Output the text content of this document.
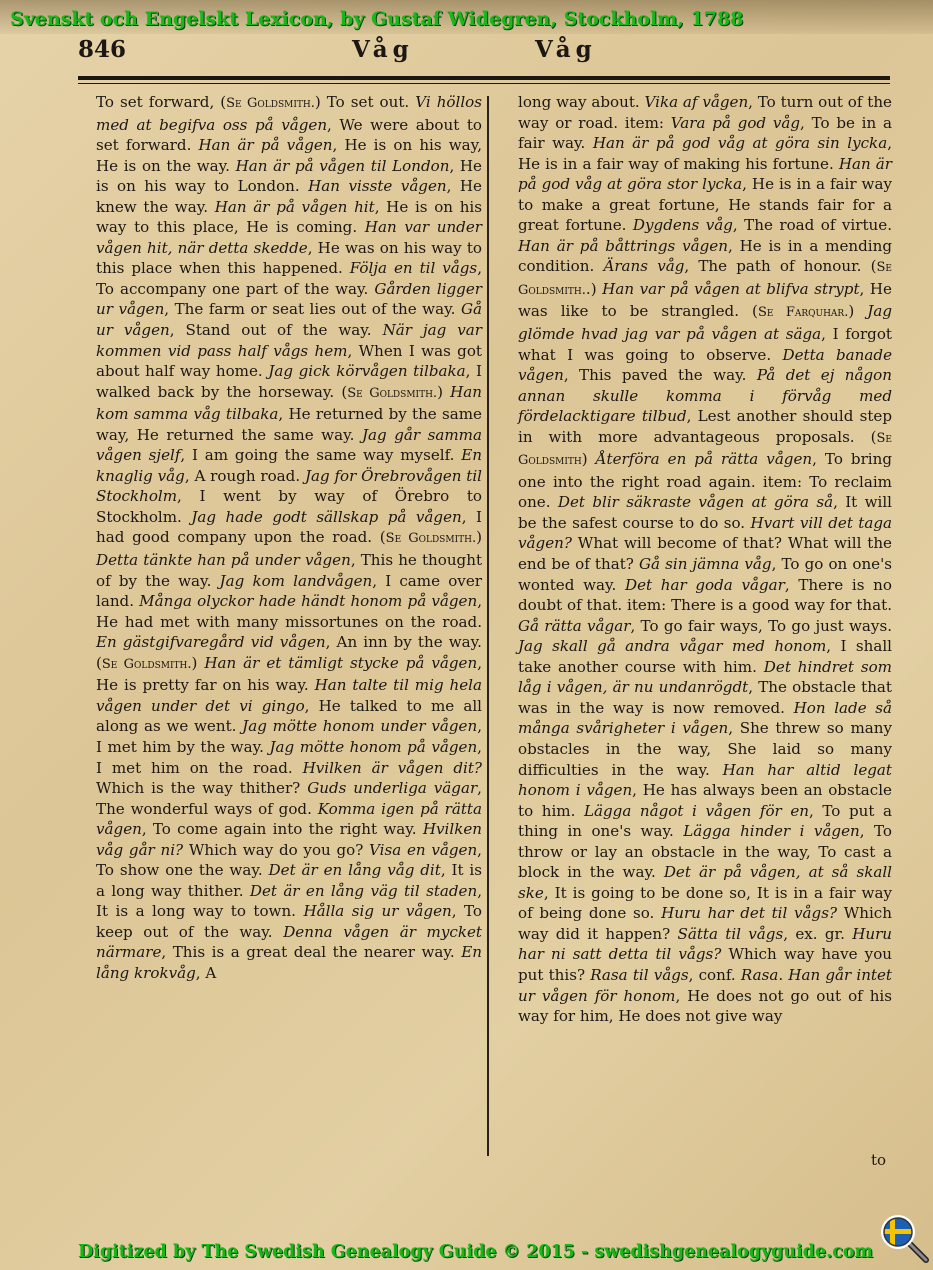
Svenskt och Engelskt Lexicon, by Gustaf Widegren, Stockholm, 1788
846	Våg	Våg

To set forward, (Se Goldsmith.) To set out. Vi höllos med at begifva oss på vågen, We were about to set forward. Han är på vågen, He is on his way, He is on the way. Han är på vågen til London, He is on his way to London. Han visste vågen, He knew the way. Han är på vågen hit, He is on his way to this place, He is coming. Han var under vågen hit, när detta skedde, He was on his way to this place when this happened. Följa en til vågs, To accompany one part of the way. Gården ligger ur vågen, The farm or seat lies out of the way. Gå ur vågen, Stand out of the way. När jag var kommen vid pass half vågs hem, When I was got about half way home. Jag gick körvågen tilbaka, I walked back by the horseway. (Se Goldsmith.) Han kom samma våg tilbaka, He returned by the same way, He returned the same way. Jag går samma vågen sjelf, I am going the same way myself. En knaglig våg, A rough road. Jag for Örebrovågen til Stockholm, I went by way of Örebro to Stockholm. Jag hade godt sällskap på vågen, I had good company upon the road. (Se Goldsmith.) Detta tänkte han på under vågen, This he thought of by the way. Jag kom landvågen, I came over land. Många olyckor hade händt honom på vågen, He had met with many missortunes on the road. En gästgifvaregård vid vågen, An inn by the way. (Se Goldsmith.) Han är et tämligt stycke på vågen, He is pretty far on his way. Han talte til mig hela vågen under det vi gingo, He talked to me all along as we went. Jag mötte honom under vågen, I met him by the way. Jag mötte honom på vågen, I met him on the road. Hvilken är vågen dit? Which is the way thither? Guds underliga vägar, The wonderful ways of god. Komma igen på rätta vågen, To come again into the right way. Hvilken våg går ni? Which way do you go? Visa en vågen, To show one the way. Det är en lång våg dit, It is a long way thither. Det är en lång väg til staden, It is a long way to town. Hålla sig ur vågen, To keep out of the way. Denna vågen är mycket närmare, This is a great deal the nearer way. En lång krokvåg, A

long way about. Vika af vågen, To turn out of the way or road. item: Vara på god våg, To be in a fair way. Han är på god våg at göra sin lycka, He is in a fair way of making his fortune. Han är på god våg at göra stor lycka, He is in a fair way to make a great fortune, He stands fair for a great fortune. Dygdens våg, The road of virtue. Han är på båttrings vågen, He is in a mending condition. Ärans våg, The path of honour. (Se Goldsmith..) Han var på vågen at blifva strypt, He was like to be strangled. (Se Farquhar.) Jag glömde hvad jag var på vågen at säga, I forgot what I was going to observe. Detta banade vågen, This paved the way. På det ej någon annan skulle komma i förvåg med fördelacktigare tilbud, Lest another should step in with more advantageous proposals. (Se Goldsmith) Återföra en på rätta vågen, To bring one into the right road again. item: To reclaim one. Det blir säkraste vågen at göra så, It will be the safest course to do so. Hvart vill det taga vågen? What will become of that? What will the end be of that? Gå sin jämna våg, To go on one's wonted way. Det har goda vågar, There is no doubt of that. item: There is a good way for that. Gå rätta vågar, To go fair ways, To go just ways. Jag skall gå andra vågar med honom, I shall take another course with him. Det hindret som låg i vågen, är nu undanrögdt, The obstacle that was in the way is now removed. Hon lade så många svårigheter i vågen, She threw so many obstacles in the way, She laid so many difficulties in the way. Han har altid legat honom i vågen, He has always been an obstacle to him. Lägga något i vågen för en, To put a thing in one's way. Lägga hinder i vågen, To throw or lay an obstacle in the way, To cast a block in the way. Det är på vågen, at så skall ske, It is going to be done so, It is in a fair way of being done so. Huru har det til vågs? Which way did it happen? Sätta til vågs, ex. gr. Huru har ni satt detta til vågs? Which way have you put this? Rasa til vågs, conf. Rasa. Han går intet ur vågen för honom, He does not go out of his way for him, He does not give way

to
Digitized by The Swedish Genealogy Guide © 2015 - swedishgenealogyguide.com
